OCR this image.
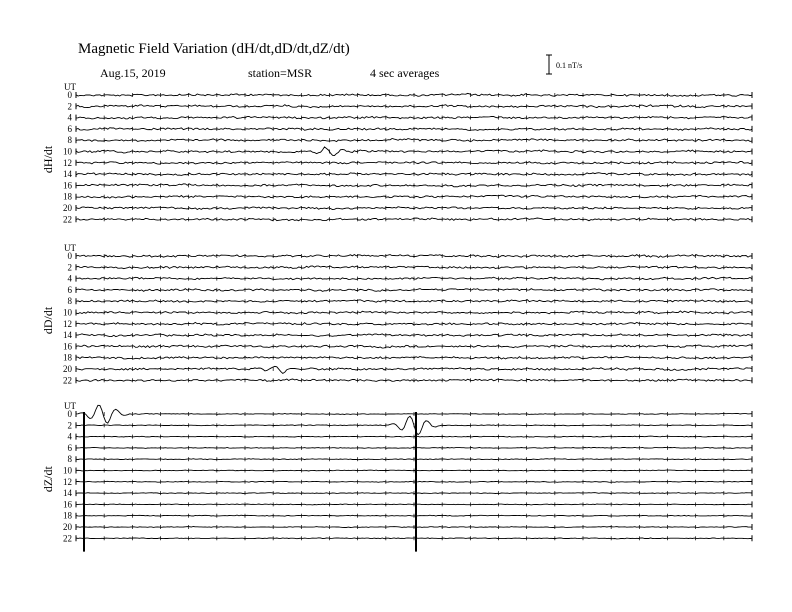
Magnetic Field Variation (dH/dt,dD/dt,dZ/dt)
Aug.15, 2019	station=MSR	4 sec averages
0.1 nT/s
UT
dH/dt
0
2
4
6
8
10
12
14
16
18
20
22
UT
dD/dt
0
2
4
6
8
10
12
14
16
18
20
22
UT
dZ/dt
0
2
4
6
8
10
12
14
16
18
20
22
